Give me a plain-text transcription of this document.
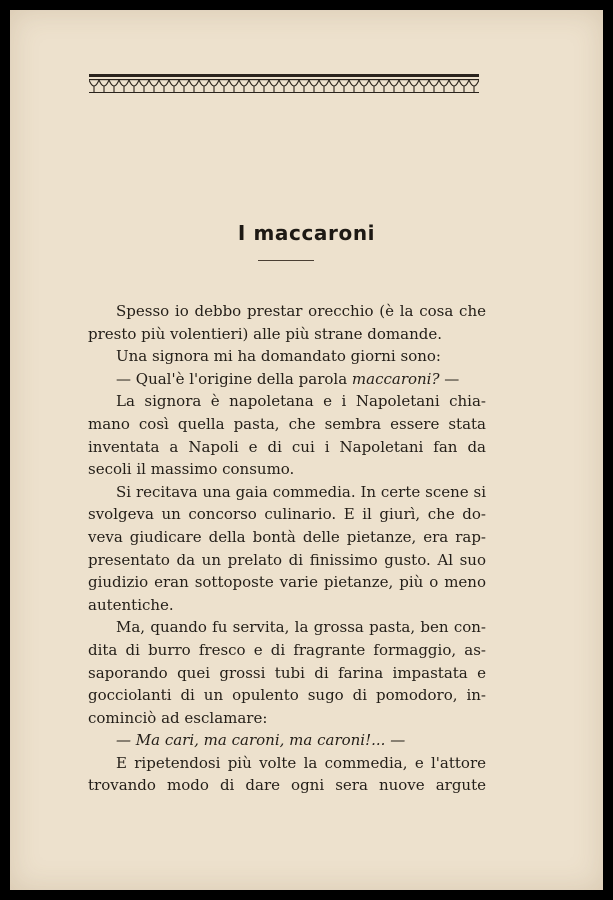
I maccaroni

Spesso io debbo prestar orecchio (è la cosa che presto più volentieri) alle più strane domande.

Una signora mi ha domandato giorni sono:

— Qual'è l'origine della parola maccaroni? —

La signora è napoletana e i Napoletani chia- mano così quella pasta, che sembra essere stata inventata a Napoli e di cui i Napoletani fan da secoli il massimo consumo.

Si recitava una gaia commedia. In certe scene si svolgeva un concorso culinario. E il giurì, che do- veva giudicare della bontà delle pietanze, era rap- presentato da un prelato di finissimo gusto. Al suo giudizio eran sottoposte varie pietanze, più o meno autentiche.

Ma, quando fu servita, la grossa pasta, ben con- dita di burro fresco e di fragrante formaggio, as- saporando quei grossi tubi di farina impastata e gocciolanti di un opulento sugo di pomodoro, in- cominciò ad esclamare:

— Ma cari, ma caroni, ma caroni!... —

E ripetendosi più volte la commedia, e l'attore trovando modo di dare ogni sera nuove argute
